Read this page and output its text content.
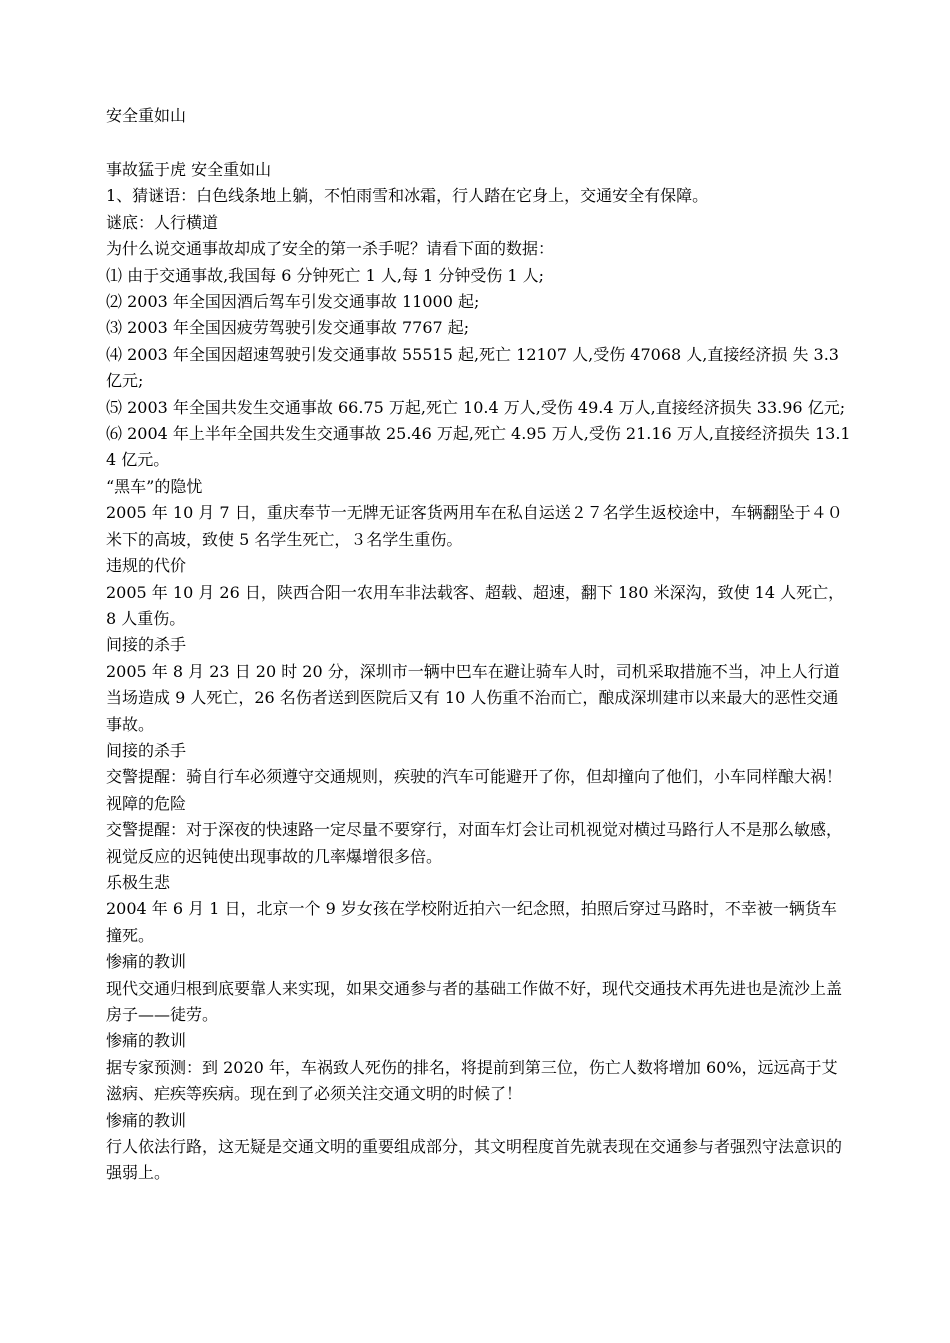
安全重如山

事故猛于虎 安全重如山

1、猜谜语：白色线条地上躺，不怕雨雪和冰霜，行人踏在它身上，交通安全有保障。

谜底：人行横道

为什么说交通事故却成了安全的第一杀手呢？请看下面的数据：

⑴ 由于交通事故,我国每 6 分钟死亡 1 人,每 1 分钟受伤 1 人;

⑵ 2003 年全国因酒后驾车引发交通事故 11000 起;

⑶ 2003 年全国因疲劳驾驶引发交通事故 7767 起;

⑷ 2003 年全国因超速驾驶引发交通事故 55515 起,死亡 12107 人,受伤 47068 人,直接经济损 失 3.3 亿元;

⑸ 2003 年全国共发生交通事故 66.75 万起,死亡 10.4 万人,受伤 49.4 万人,直接经济损失 33.96 亿元;

⑹ 2004 年上半年全国共发生交通事故 25.46 万起,死亡 4.95 万人,受伤 21.16 万人,直接经济损失 13.14 亿元。

“黑车”的隐忧

2005 年 10 月 7 日，重庆奉节一无牌无证客货两用车在私自运送２７名学生返校途中，车辆翻坠于４０米下的高坡，致使 5 名学生死亡，３名学生重伤。

违规的代价

2005 年 10 月 26 日，陕西合阳一农用车非法载客、超载、超速，翻下 180 米深沟，致使 14 人死亡，8 人重伤。

间接的杀手

2005 年 8 月 23 日 20 时 20 分，深圳市一辆中巴车在避让骑车人时，司机采取措施不当，冲上人行道当场造成 9 人死亡，26 名伤者送到医院后又有 10 人伤重不治而亡，酿成深圳建市以来最大的恶性交通事故。

间接的杀手

交警提醒：骑自行车必须遵守交通规则，疾驶的汽车可能避开了你，但却撞向了他们，小车同样酿大祸！

视障的危险

交警提醒：对于深夜的快速路一定尽量不要穿行，对面车灯会让司机视觉对横过马路行人不是那么敏感，视觉反应的迟钝使出现事故的几率爆增很多倍。

乐极生悲

2004 年 6 月 1 日，北京一个 9 岁女孩在学校附近拍六一纪念照，拍照后穿过马路时，不幸被一辆货车撞死。

惨痛的教训

现代交通归根到底要靠人来实现，如果交通参与者的基础工作做不好，现代交通技术再先进也是流沙上盖房子——徒劳。

惨痛的教训

据专家预测：到 2020 年，车祸致人死伤的排名，将提前到第三位，伤亡人数将增加 60%，远远高于艾滋病、疟疾等疾病。现在到了必须关注交通文明的时候了！

惨痛的教训

行人依法行路，这无疑是交通文明的重要组成部分，其文明程度首先就表现在交通参与者强烈守法意识的强弱上。
